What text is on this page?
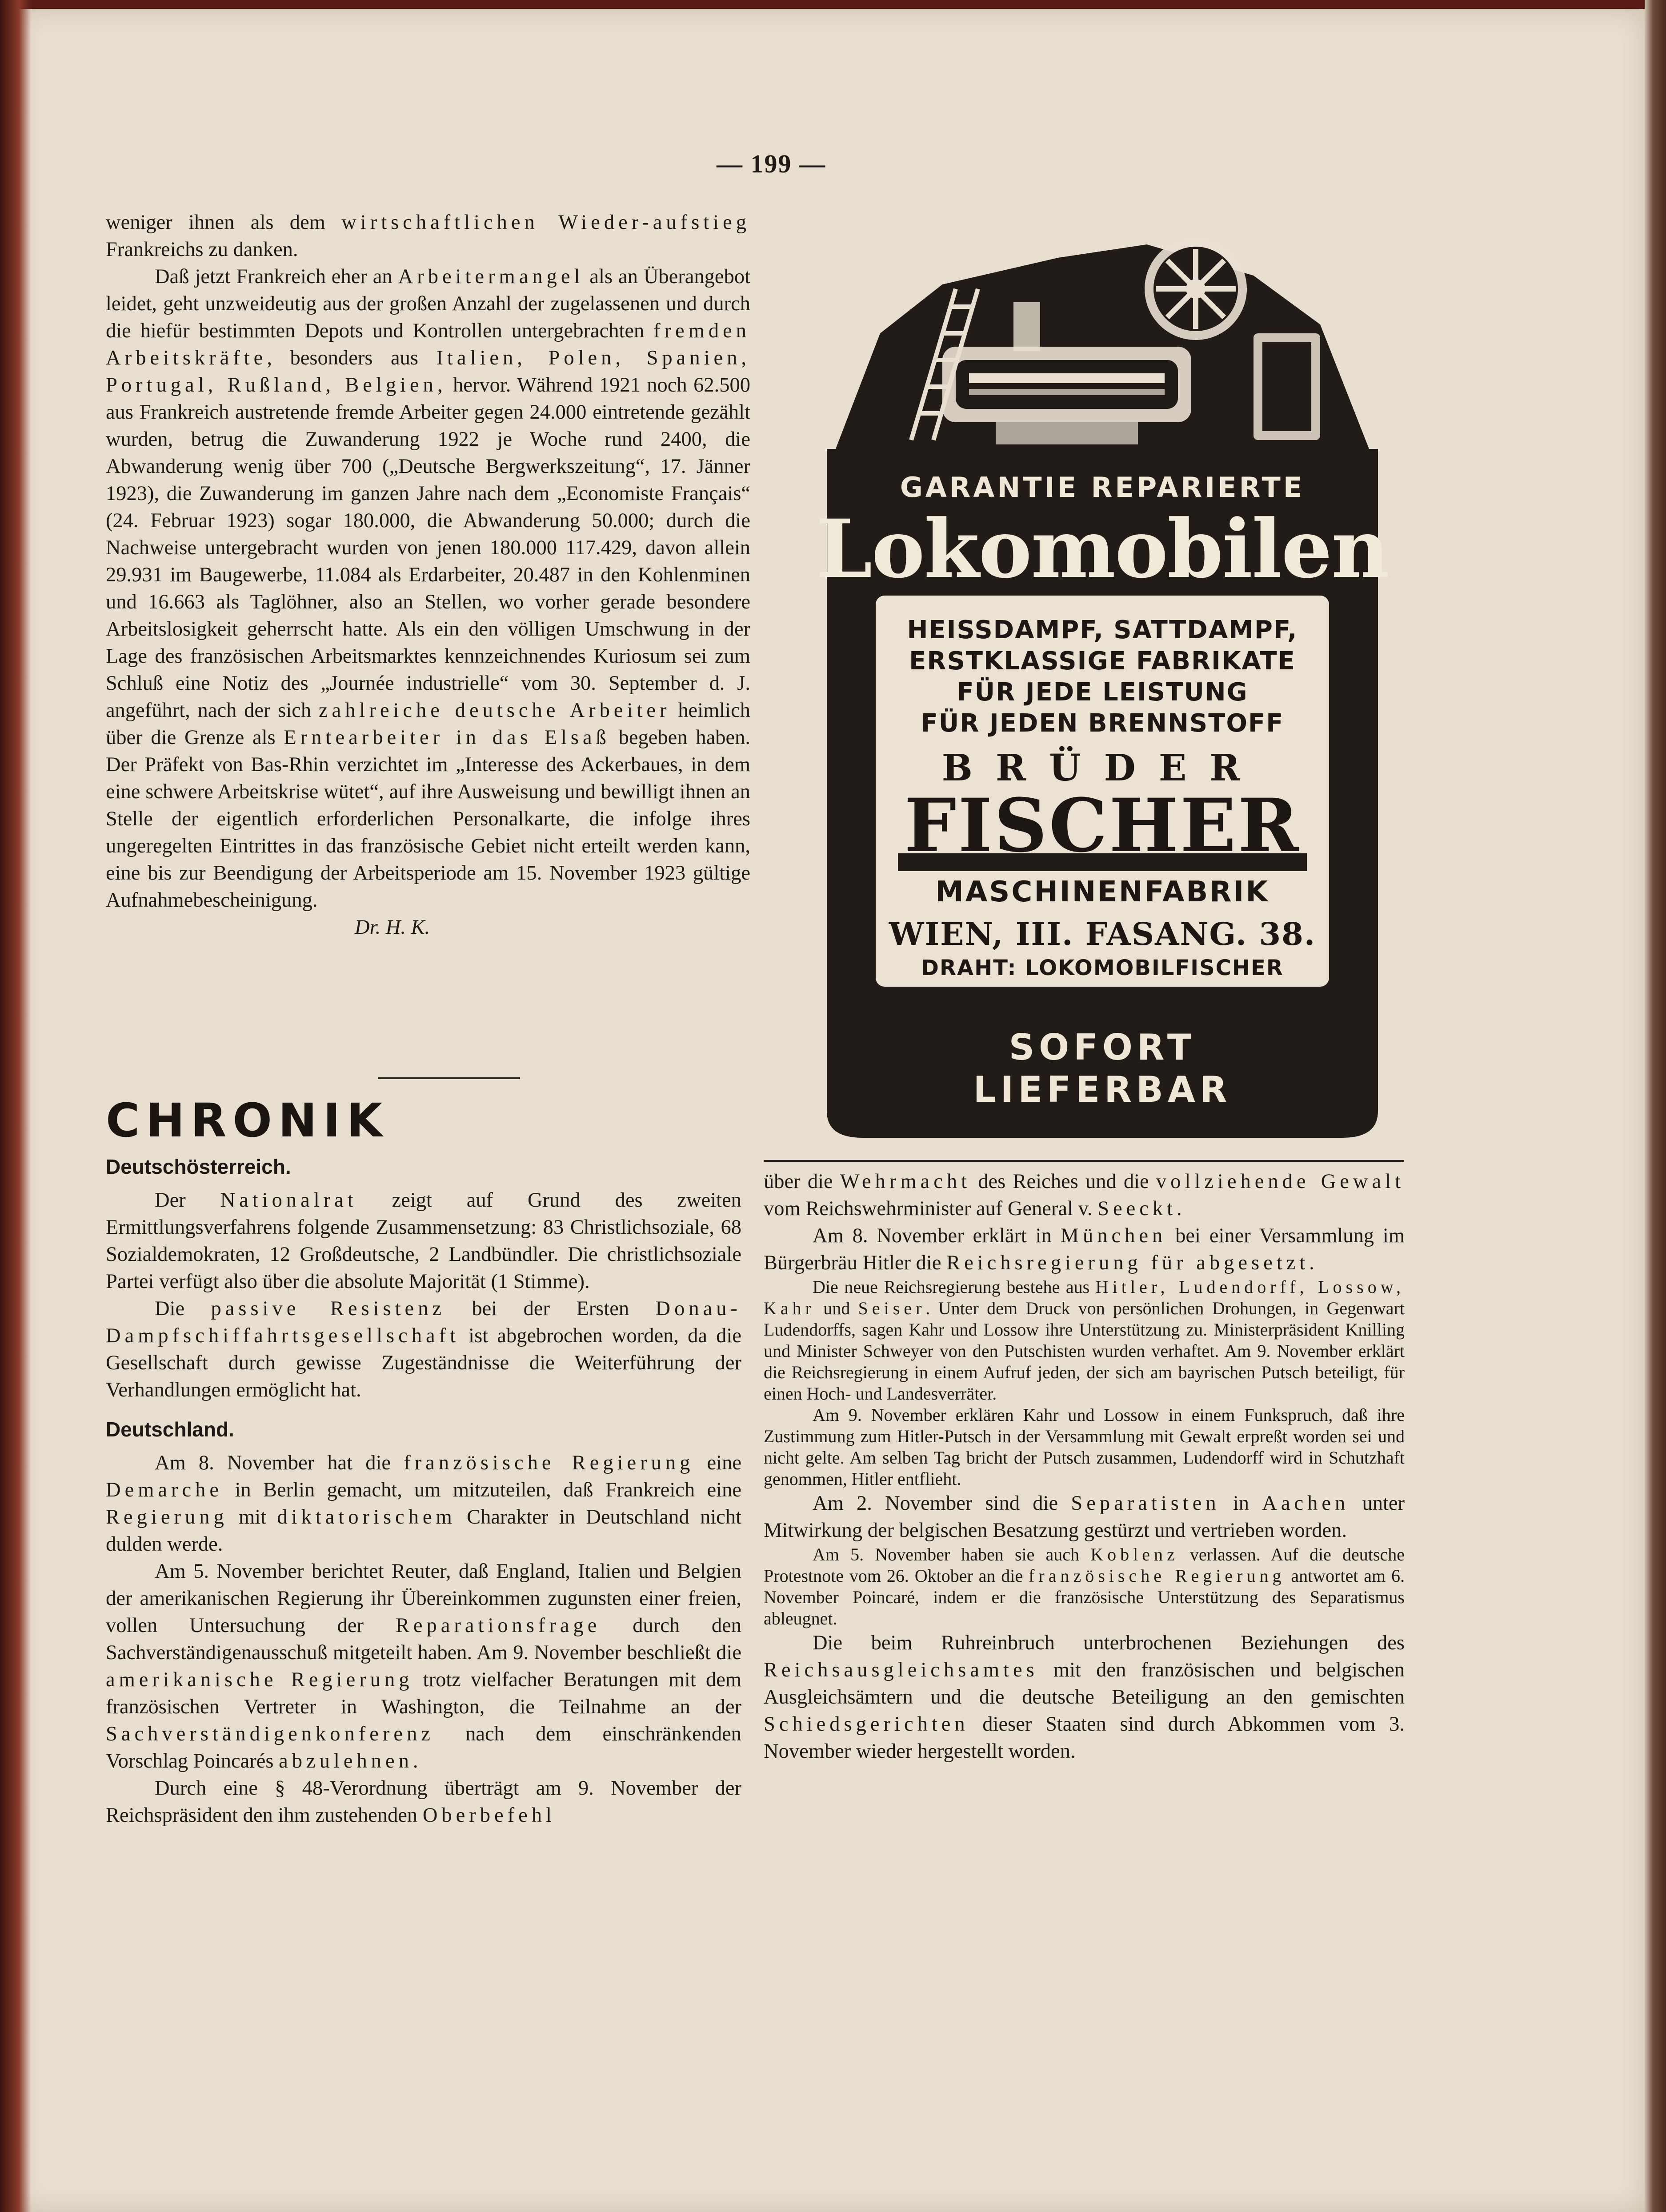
— 199 —

weniger ihnen als dem wirtschaftlichen Wieder-aufstieg Frankreichs zu danken.

Daß jetzt Frankreich eher an Arbeitermangel als an Überangebot leidet, geht unzweideutig aus der großen Anzahl der zugelassenen und durch die hiefür bestimmten Depots und Kontrollen untergebrachten fremden Arbeitskräfte, besonders aus Italien, Polen, Spanien, Portugal, Rußland, Belgien, hervor. Während 1921 noch 62.500 aus Frankreich austretende fremde Arbeiter gegen 24.000 eintretende gezählt wurden, betrug die Zuwanderung 1922 je Woche rund 2400, die Abwanderung wenig über 700 („Deutsche Bergwerkszeitung“, 17. Jänner 1923), die Zuwanderung im ganzen Jahre nach dem „Economiste Français“ (24. Februar 1923) sogar 180.000, die Abwanderung 50.000; durch die Nachweise untergebracht wurden von jenen 180.000 117.429, davon allein 29.931 im Baugewerbe, 11.084 als Erdarbeiter, 20.487 in den Kohlenminen und 16.663 als Taglöhner, also an Stellen, wo vorher gerade besondere Arbeitslosigkeit geherrscht hatte. Als ein den völligen Umschwung in der Lage des französischen Arbeitsmarktes kennzeichnendes Kuriosum sei zum Schluß eine Notiz des „Journée industrielle“ vom 30. September d. J. angeführt, nach der sich zahlreiche deutsche Arbeiter heimlich über die Grenze als Erntearbeiter in das Elsaß begeben haben. Der Präfekt von Bas-Rhin verzichtet im „Interesse des Ackerbaues, in dem eine schwere Arbeitskrise wütet“, auf ihre Ausweisung und bewilligt ihnen an Stelle der eigentlich erforderlichen Personalkarte, die infolge ihres ungeregelten Eintrittes in das französische Gebiet nicht erteilt werden kann, eine bis zur Beendigung der Arbeitsperiode am 15. November 1923 gültige Aufnahmebescheinigung.

Dr. H. K.

CHRONIK

Deutschösterreich.

Der Nationalrat zeigt auf Grund des zweiten Ermittlungsverfahrens folgende Zusammensetzung: 83 Christlichsoziale, 68 Sozialdemokraten, 12 Großdeutsche, 2 Landbündler. Die christlichsoziale Partei verfügt also über die absolute Majorität (1 Stimme).

Die passive Resistenz bei der Ersten Donau-Dampfschiffahrtsgesellschaft ist abgebrochen worden, da die Gesellschaft durch gewisse Zugeständnisse die Weiterführung der Verhandlungen ermöglicht hat.

Deutschland.

Am 8. November hat die französische Regierung eine Demarche in Berlin gemacht, um mitzuteilen, daß Frankreich eine Regierung mit diktatorischem Charakter in Deutschland nicht dulden werde.

Am 5. November berichtet Reuter, daß England, Italien und Belgien der amerikanischen Regierung ihr Übereinkommen zugunsten einer freien, vollen Untersuchung der Reparationsfrage durch den Sachverständigenausschuß mitgeteilt haben. Am 9. November beschließt die amerikanische Regierung trotz vielfacher Beratungen mit dem französischen Vertreter in Washington, die Teilnahme an der Sachverständigenkonferenz nach dem einschränkenden Vorschlag Poincarés abzulehnen.

Durch eine § 48-Verordnung überträgt am 9. November der Reichspräsident den ihm zustehenden Oberbefehl

GARANTIE REPARIERTE
Lokomobilen
HEISSDAMPF, SATTDAMPF,
ERSTKLASSIGE FABRIKATE
FÜR JEDE LEISTUNG
FÜR JEDEN BRENNSTOFF
BRÜDER
FISCHER
MASCHINENFABRIK
WIEN, III. FASANG. 38.
DRAHT: LOKOMOBILFISCHER
SOFORT
LIEFERBAR

über die Wehrmacht des Reiches und die vollziehende Gewalt vom Reichswehrminister auf General v. Seeckt.

Am 8. November erklärt in München bei einer Versammlung im Bürgerbräu Hitler die Reichsregierung für abgesetzt.

Die neue Reichsregierung bestehe aus Hitler, Ludendorff, Lossow, Kahr und Seiser. Unter dem Druck von persönlichen Drohungen, in Gegenwart Ludendorffs, sagen Kahr und Lossow ihre Unterstützung zu. Ministerpräsident Knilling und Minister Schweyer von den Putschisten wurden verhaftet. Am 9. November erklärt die Reichsregierung in einem Aufruf jeden, der sich am bayrischen Putsch beteiligt, für einen Hoch- und Landesverräter.

Am 9. November erklären Kahr und Lossow in einem Funkspruch, daß ihre Zustimmung zum Hitler-Putsch in der Versammlung mit Gewalt erpreßt worden sei und nicht gelte. Am selben Tag bricht der Putsch zusammen, Ludendorff wird in Schutzhaft genommen, Hitler entflieht.

Am 2. November sind die Separatisten in Aachen unter Mitwirkung der belgischen Besatzung gestürzt und vertrieben worden.

Am 5. November haben sie auch Koblenz verlassen. Auf die deutsche Protestnote vom 26. Oktober an die französische Regierung antwortet am 6. November Poincaré, indem er die französische Unterstützung des Separatismus ableugnet.

Die beim Ruhreinbruch unterbrochenen Beziehungen des Reichsausgleichsamtes mit den französischen und belgischen Ausgleichsämtern und die deutsche Beteiligung an den gemischten Schiedsgerichten dieser Staaten sind durch Abkommen vom 3. November wieder hergestellt worden.
